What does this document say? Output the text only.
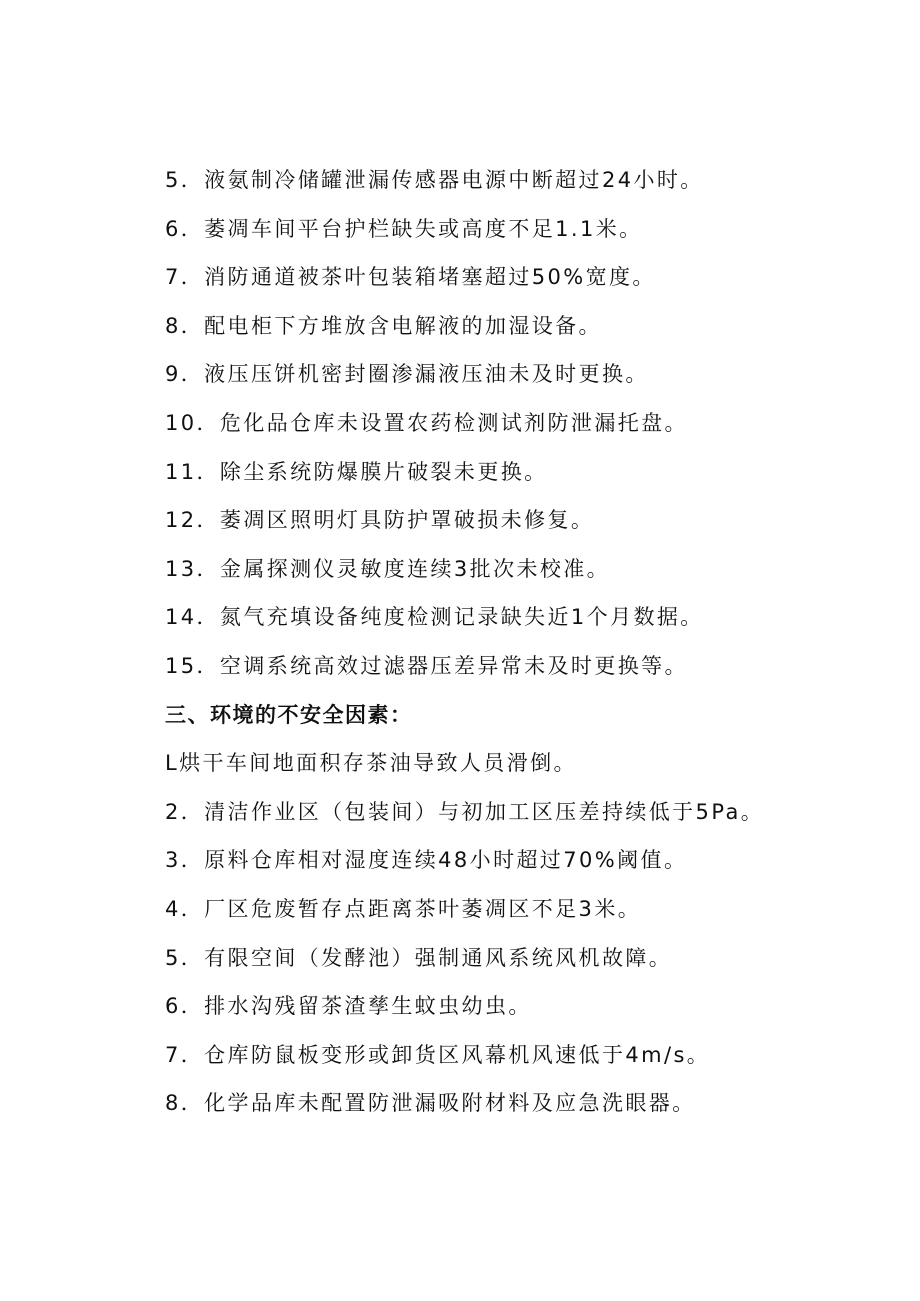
5．液氨制冷储罐泄漏传感器电源中断超过24小时。
6．萎凋车间平台护栏缺失或高度不足1.1米。
7．消防通道被茶叶包装箱堵塞超过50%宽度。
8．配电柜下方堆放含电解液的加湿设备。
9．液压压饼机密封圈渗漏液压油未及时更换。
10．危化品仓库未设置农药检测试剂防泄漏托盘。
11．除尘系统防爆膜片破裂未更换。
12．萎凋区照明灯具防护罩破损未修复。
13．金属探测仪灵敏度连续3批次未校准。
14．氮气充填设备纯度检测记录缺失近1个月数据。
15．空调系统高效过滤器压差异常未及时更换等。
三、环境的不安全因素：
L烘干车间地面积存茶油导致人员滑倒。
2．清洁作业区（包装间）与初加工区压差持续低于5Pa。
3．原料仓库相对湿度连续48小时超过70%阈值。
4．厂区危废暂存点距离茶叶萎凋区不足3米。
5．有限空间（发酵池）强制通风系统风机故障。
6．排水沟残留茶渣孳生蚊虫幼虫。
7．仓库防鼠板变形或卸货区风幕机风速低于4m/s。
8．化学品库未配置防泄漏吸附材料及应急洗眼器。
